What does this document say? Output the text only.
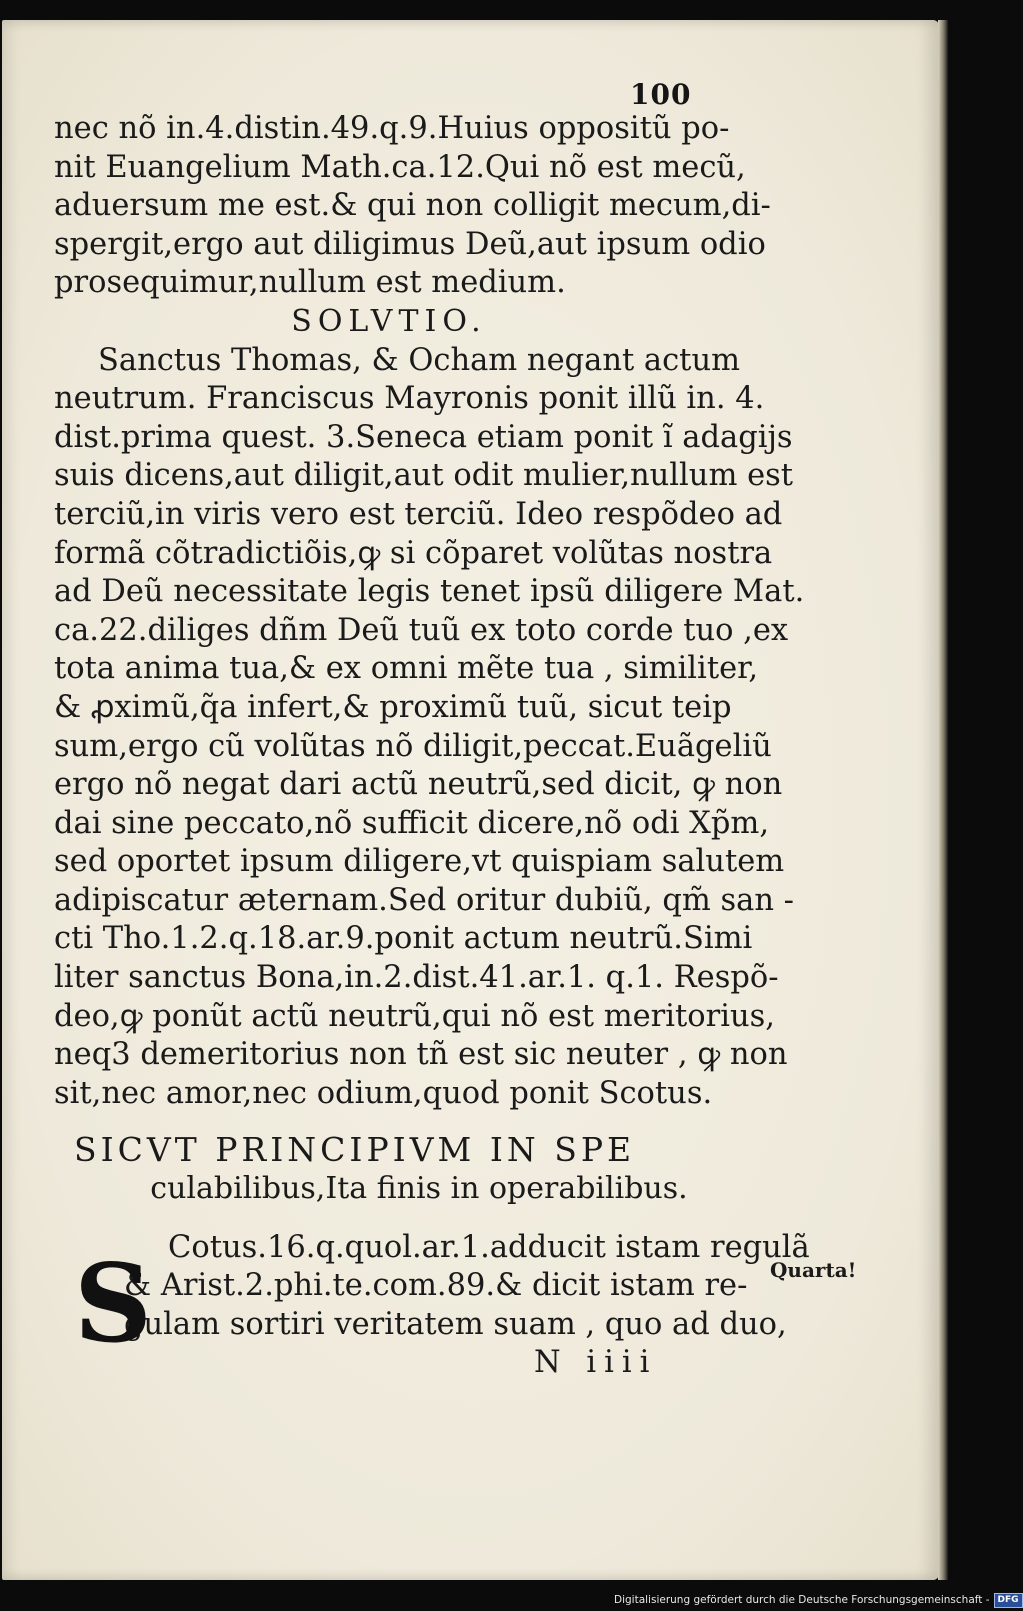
100
nec nõ in.4.distin.49.q.9.Huius oppositũ po-
nit Euangelium Math.ca.12.Qui nõ est mecũ,
aduersum me est.& qui non colligit mecum,di-
spergit,ergo aut diligimus Deũ,aut ipsum odio
prosequimur,nullum est medium.
SOLVTIO.
Sanctus Thomas, & Ocham negant actum
neutrum. Franciscus Mayronis ponit illũ in. 4.
dist.prima quest. 3.Seneca etiam ponit ĩ adagijs
suis dicens,aut diligit,aut odit mulier,nullum est
terciũ,in viris vero est terciũ. Ideo respõdeo ad
formã cõtradictiõis,ꝙ si cõparet volũtas nostra
ad Deũ necessitate legis tenet ipsũ diligere Mat.
ca.22.diliges dñm Deũ tuũ ex toto corde tuo ,ex
tota anima tua,& ex omni mẽte tua , similiter,
& ꝓximũ,q̃a infert,& proximũ tuũ, sicut teip
sum,ergo cũ volũtas nõ diligit,peccat.Euãgeliũ
ergo nõ negat dari actũ neutrũ,sed dicit, ꝙ non
dai sine peccato,nõ sufficit dicere,nõ odi Xp̃m,
sed oportet ipsum diligere,vt quispiam salutem
adipiscatur æternam.Sed oritur dubiũ, qm̃ san -
cti Tho.1.2.q.18.ar.9.ponit actum neutrũ.Simi
liter sanctus Bona,in.2.dist.41.ar.1. q.1. Respõ-
deo,ꝙ ponũt actũ neutrũ,qui nõ est meritorius,
neq3 demeritorius non tñ est sic neuter , ꝙ non
sit,nec amor,nec odium,quod ponit Scotus.
SICVT PRINCIPIVM IN SPE
culabilibus,Ita finis in operabilibus.
S Cotus.16.q.quol.ar.1.adducit istam regulã
& Arist.2.phi.te.com.89.& dicit istam re-
gulam sortiri veritatem suam , quo ad duo,
N iiii
Quarta!
Digitalisierung gefördert durch die Deutsche Forschungsgemeinschaft - DFG
